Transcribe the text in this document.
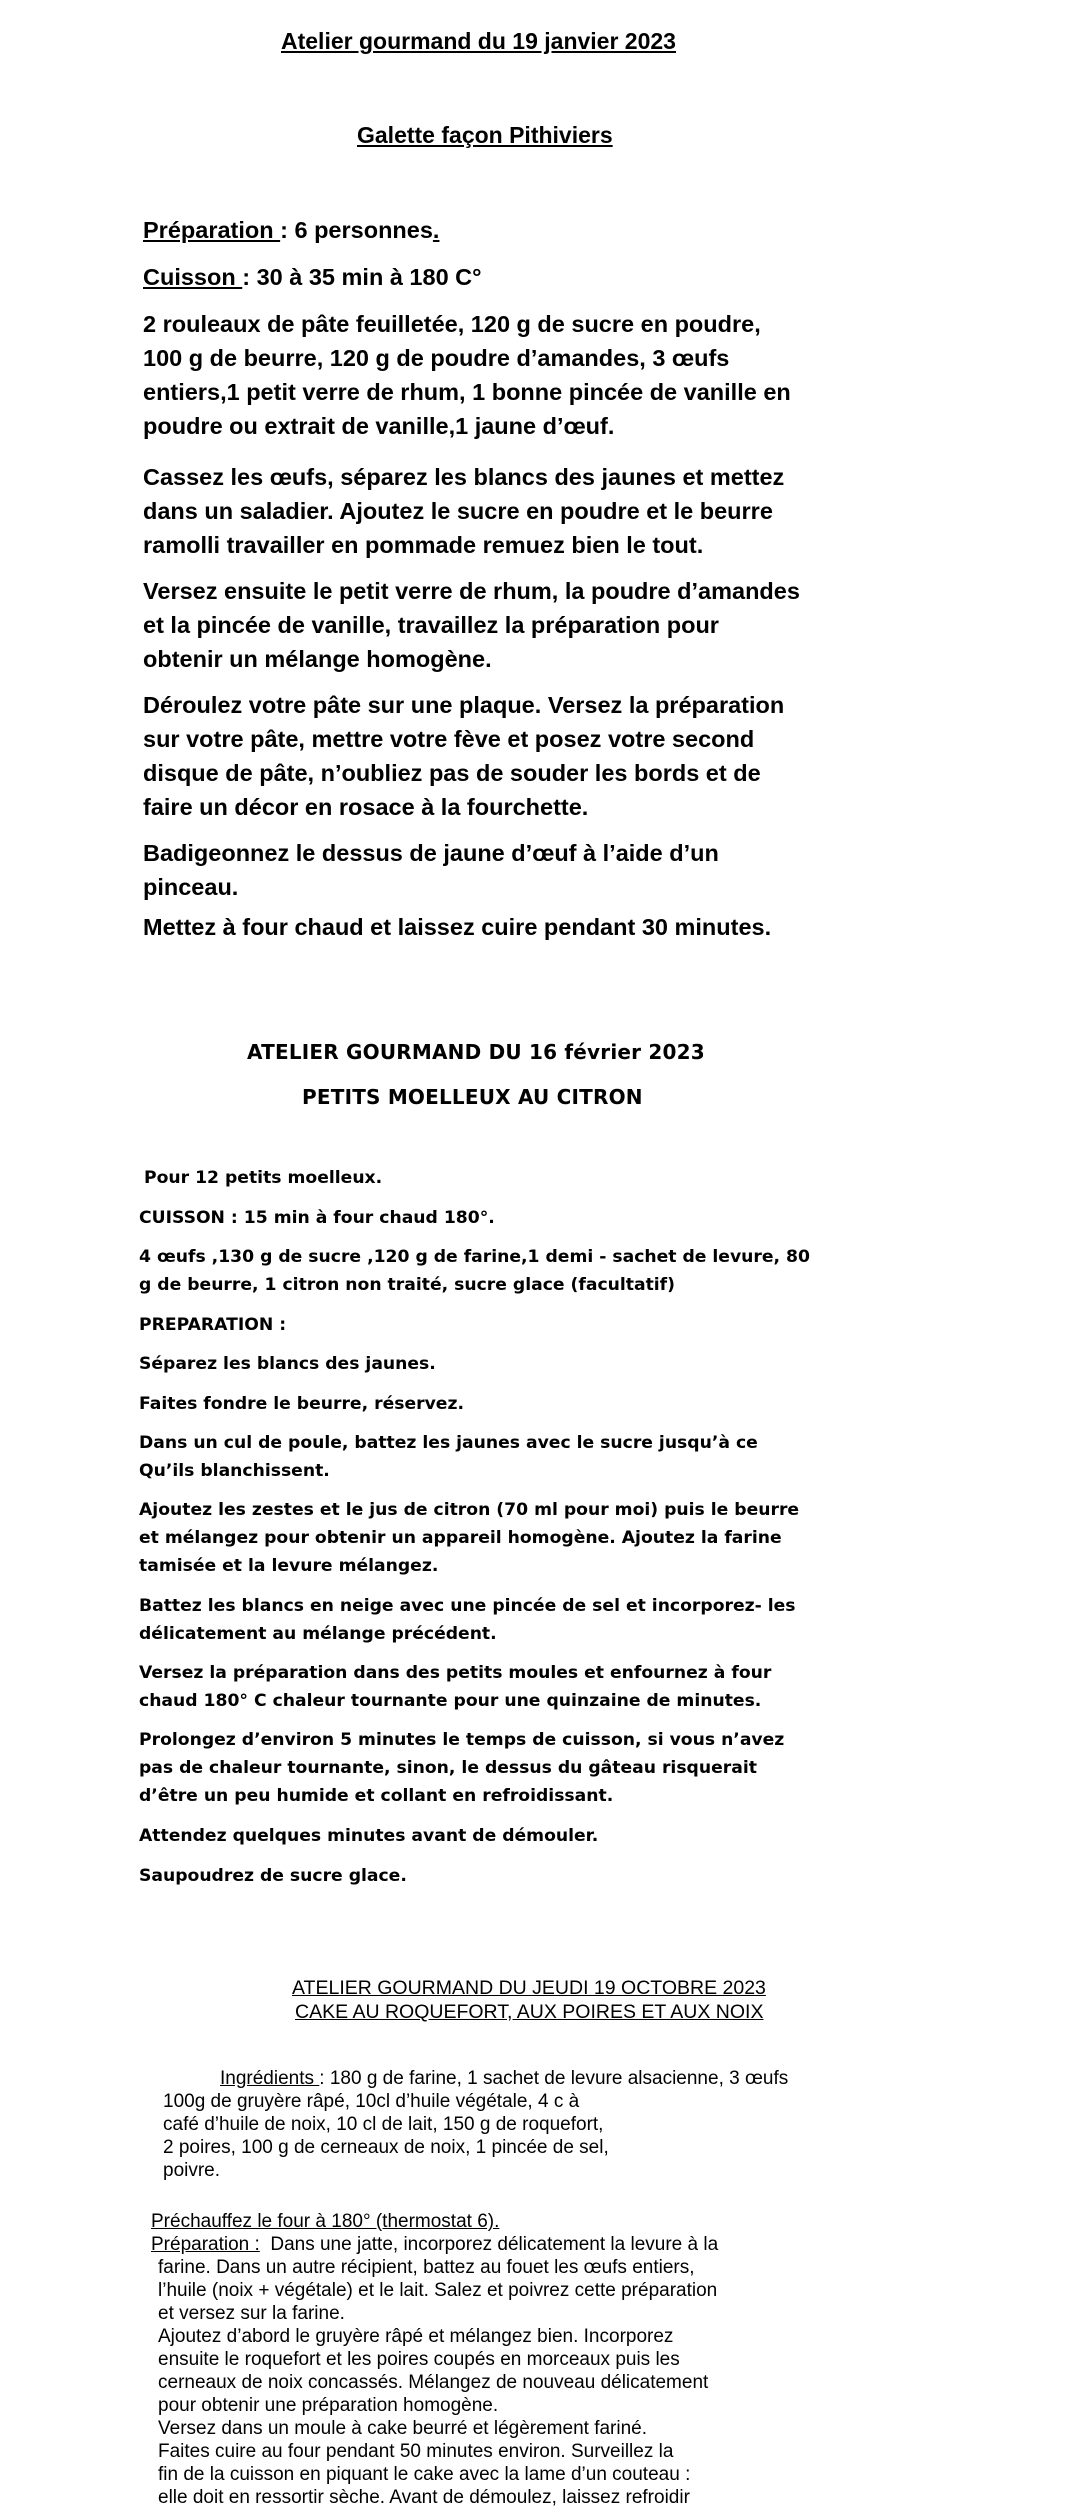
Atelier gourmand du 19 janvier 2023
Galette façon Pithiviers
Préparation : 6 personnes.
Cuisson : 30 à 35 min à 180 C°
2 rouleaux de pâte feuilletée, 120 g de sucre en poudre,
100 g de beurre, 120 g de poudre d’amandes, 3 œufs
entiers,1 petit verre de rhum, 1 bonne pincée de vanille en
poudre ou extrait de vanille,1 jaune d’œuf.
Cassez les œufs, séparez les blancs des jaunes et mettez
dans un saladier. Ajoutez le sucre en poudre et le beurre
ramolli travailler en pommade remuez bien le tout.
Versez ensuite le petit verre de rhum, la poudre d’amandes
et la pincée de vanille, travaillez la préparation pour
obtenir un mélange homogène.
Déroulez votre pâte sur une plaque. Versez la préparation
sur votre pâte, mettre votre fève et posez votre second
disque de pâte, n’oubliez pas de souder les bords et de
faire un décor en rosace à la fourchette.
Badigeonnez le dessus de jaune d’œuf à l’aide d’un
pinceau.
Mettez à four chaud et laissez cuire pendant 30 minutes.
ATELIER GOURMAND DU 16 février 2023
PETITS MOELLEUX AU CITRON
Pour 12 petits moelleux.
CUISSON : 15 min à four chaud 180°.
4 œufs ,130 g de sucre ,120 g de farine,1 demi - sachet de levure, 80
g de beurre, 1 citron non traité, sucre glace (facultatif)
PREPARATION :
Séparez les blancs des jaunes.
Faites fondre le beurre, réservez.
Dans un cul de poule, battez les jaunes avec le sucre jusqu’à ce
Qu’ils blanchissent.
Ajoutez les zestes et le jus de citron (70 ml pour moi) puis le beurre
et mélangez pour obtenir un appareil homogène. Ajoutez la farine
tamisée et la levure mélangez.
Battez les blancs en neige avec une pincée de sel et incorporez- les
délicatement au mélange précédent.
Versez la préparation dans des petits moules et enfournez à four
chaud 180° C chaleur tournante pour une quinzaine de minutes.
Prolongez d’environ 5 minutes le temps de cuisson, si vous n’avez
pas de chaleur tournante, sinon, le dessus du gâteau risquerait
d’être un peu humide et collant en refroidissant.
Attendez quelques minutes avant de démouler.
Saupoudrez de sucre glace.
ATELIER GOURMAND DU JEUDI 19 OCTOBRE 2023
CAKE AU ROQUEFORT, AUX POIRES ET AUX NOIX
Ingrédients : 180 g de farine, 1 sachet de levure alsacienne, 3 œufs
100g de gruyère râpé, 10cl d’huile végétale, 4 c à
café d’huile de noix, 10 cl de lait, 150 g de roquefort,
2 poires, 100 g de cerneaux de noix, 1 pincée de sel,
poivre.
Préchauffez le four à 180° (thermostat 6).
Préparation :  Dans une jatte, incorporez délicatement la levure à la
farine. Dans un autre récipient, battez au fouet les œufs entiers,
l’huile (noix + végétale) et le lait. Salez et poivrez cette préparation
et versez sur la farine.
Ajoutez d’abord le gruyère râpé et mélangez bien. Incorporez
ensuite le roquefort et les poires coupés en morceaux puis les
cerneaux de noix concassés. Mélangez de nouveau délicatement
pour obtenir une préparation homogène.
Versez dans un moule à cake beurré et légèrement fariné.
Faites cuire au four pendant 50 minutes environ. Surveillez la
fin de la cuisson en piquant le cake avec la lame d’un couteau :
elle doit en ressortir sèche. Avant de démoulez, laissez refroidir
